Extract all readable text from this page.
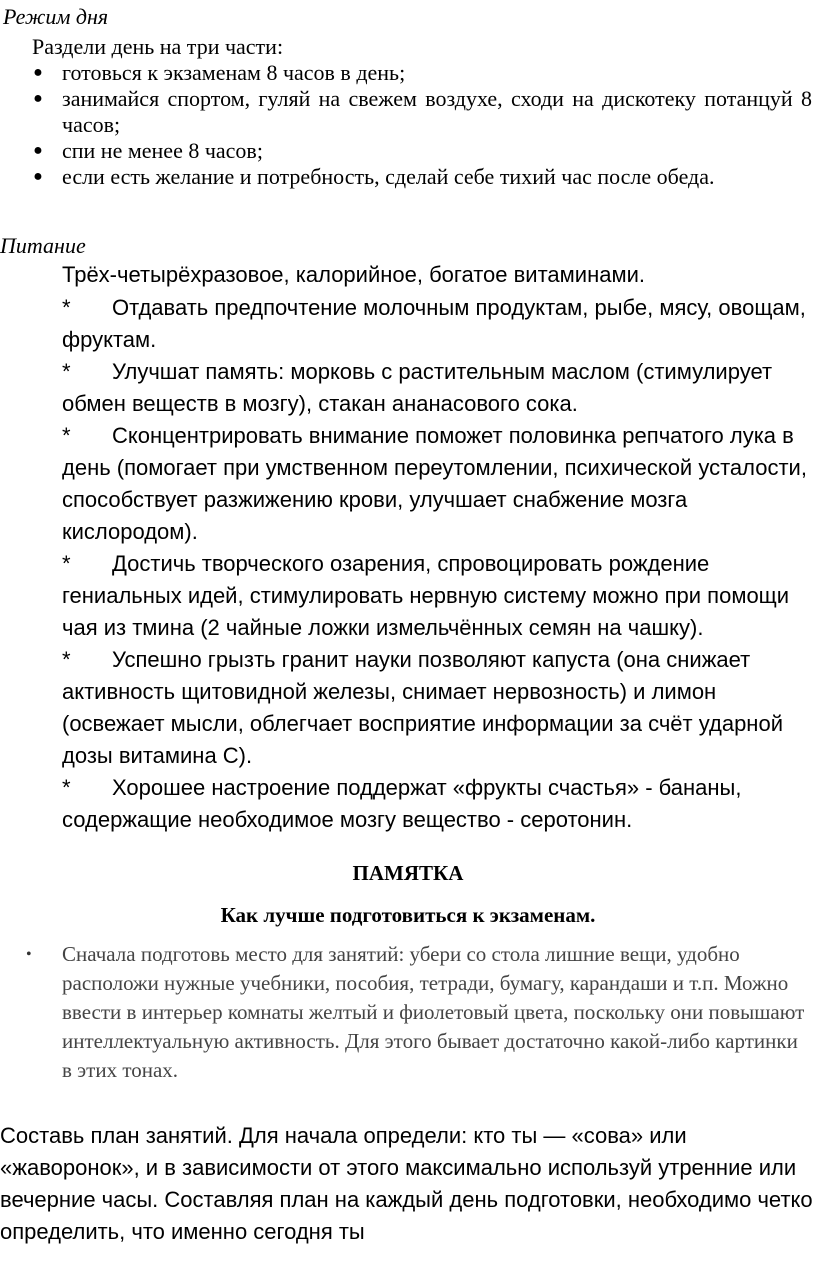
Режим дня
Раздели день на три части:
● готовься к экзаменам 8 часов в день;
● занимайся спортом, гуляй на свежем воздухе, сходи на дискотеку потанцуй 8 часов;
● спи не менее 8 часов;
● если есть желание и потребность, сделай себе тихий час после обеда.
Питание
Трёх-четырёхразовое, калорийное, богатое витаминами.
* Отдавать предпочтение молочным продуктам, рыбе, мясу, овощам, фруктам.
* Улучшат память: морковь с растительным маслом (стимулирует обмен веществ в мозгу), стакан ананасового сока.
* Сконцентрировать внимание поможет половинка репчатого лука в день (помогает при умственном переутомлении, психической усталости, способствует разжижению крови, улучшает снабжение мозга кислородом).
* Достичь творческого озарения, спровоцировать рождение гениальных идей, стимулировать нервную систему можно при помощи чая из тмина (2 чайные ложки измельчённых семян на чашку).
* Успешно грызть гранит науки позволяют капуста (она снижает активность щитовидной железы, снимает нервозность) и лимон (освежает мысли, облегчает восприятие информации за счёт ударной дозы витамина С).
* Хорошее настроение поддержат «фрукты счастья» - бананы, содержащие необходимое мозгу вещество - серотонин.
ПАМЯТКА
Как лучше подготовиться к экзаменам.
• Сначала подготовь место для занятий: убери со стола лишние вещи, удобно расположи нужные учебники, пособия, тетради, бумагу, карандаши и т.п. Можно ввести в интерьер комнаты желтый и фиолетовый цвета, поскольку они повышают интеллектуальную активность. Для этого бывает достаточно какой-либо картинки в этих тонах.
Составь план занятий. Для начала определи: кто ты — «сова» или «жаворонок», и в зависимости от этого максимально используй утренние или вечерние часы. Составляя план на каждый день подготовки, необходимо четко определить, что именно сегодня ты
